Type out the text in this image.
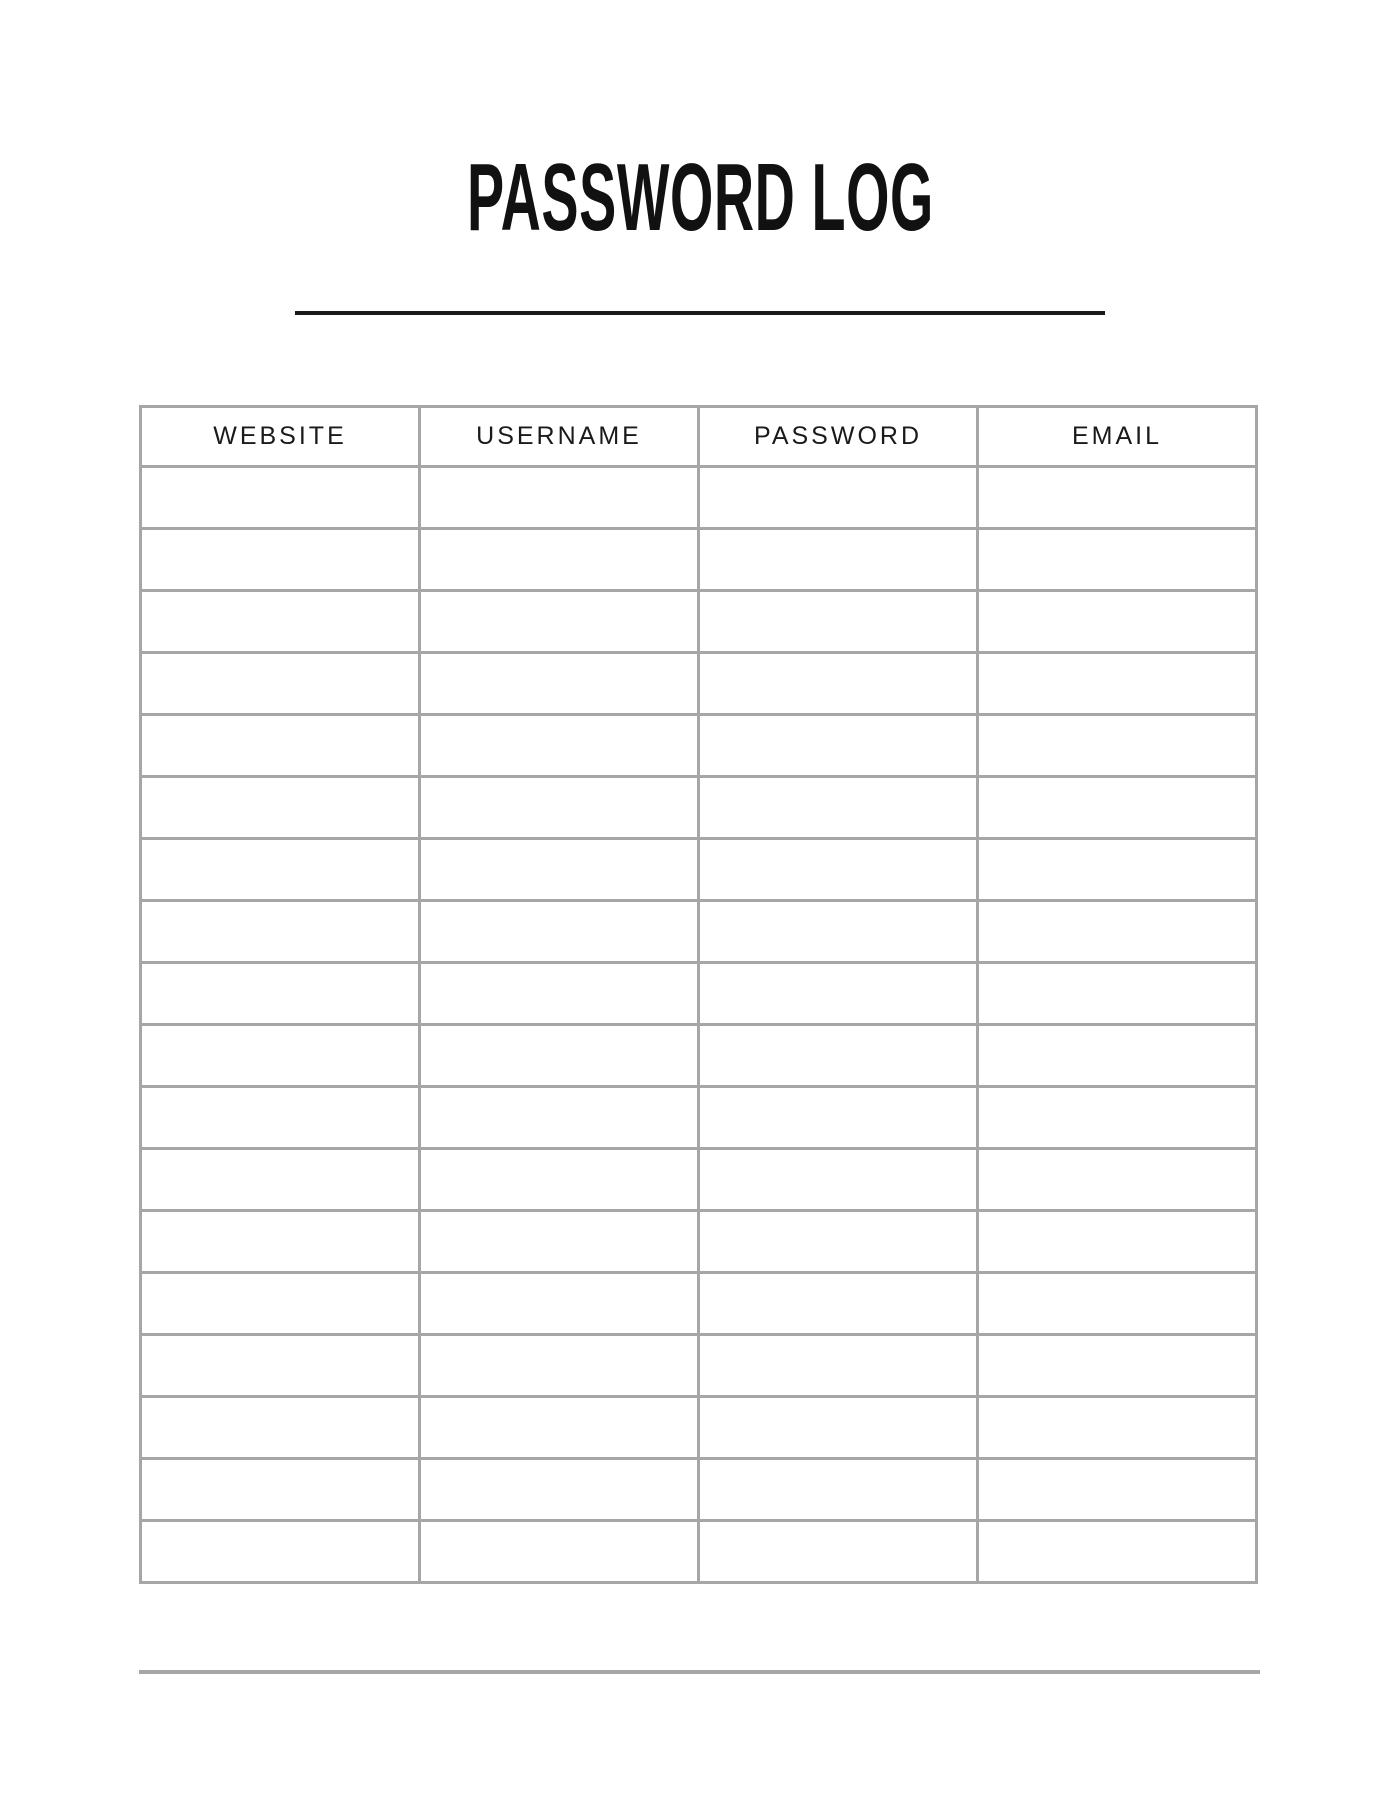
PASSWORD LOG
WEBSITE	USERNAME	PASSWORD	EMAIL
